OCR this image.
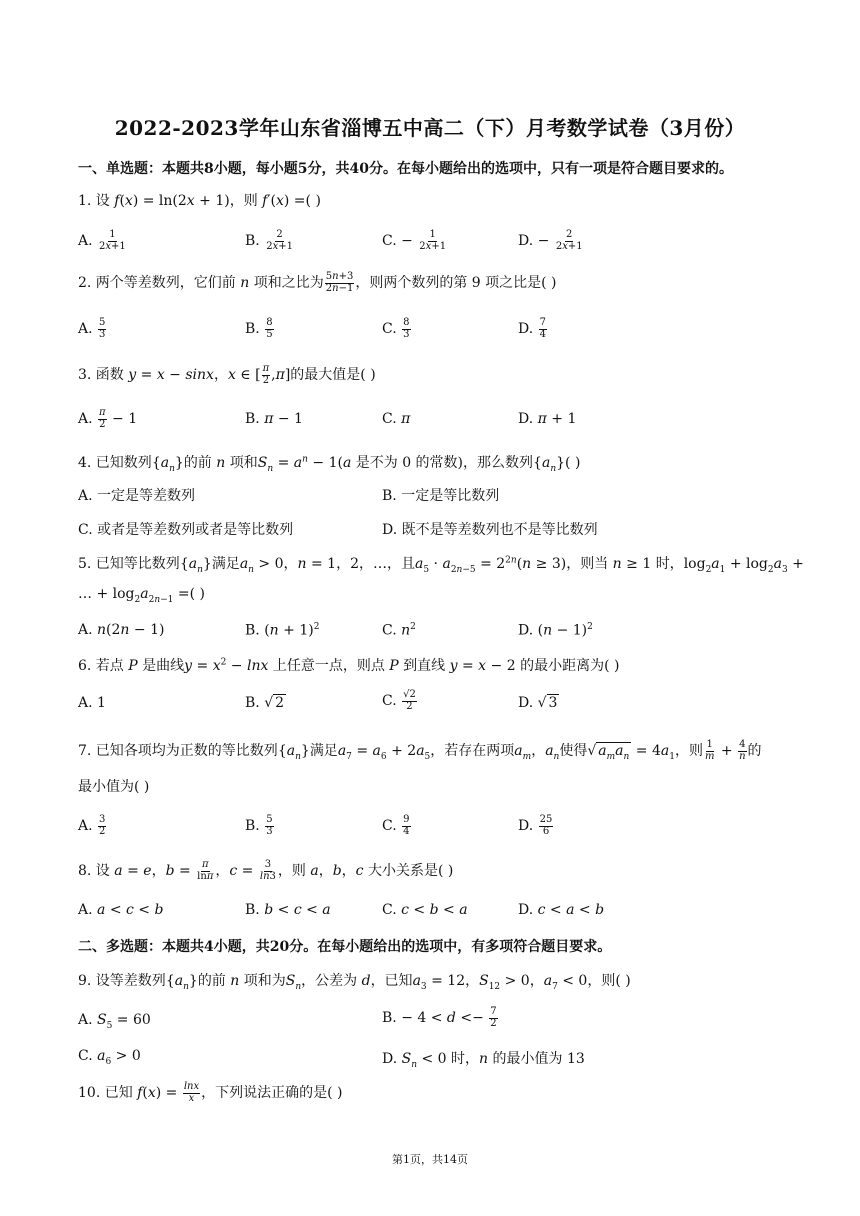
2022-2023学年山东省淄博五中高二（下）月考数学试卷（3月份）
一、单选题：本题共8小题，每小题5分，共40分。在每小题给出的选项中，只有一项是符合题目要求的。
1. 设 f(x) = ln(2x + 1)，则 f′(x) =( )
A. $\frac{1}{2x+1}$	B. $\frac{2}{2x+1}$	C. − $\frac{1}{2x+1}$	D. − $\frac{2}{2x+1}$
2. 两个等差数列，它们前 n 项和之比为 $\frac{5n+3}{2n-1}$ ，则两个数列的第 9 项之比是( )
A. $\frac{5}{3}$	B. $\frac{8}{5}$	C. $\frac{8}{3}$	D. $\frac{7}{4}$
3. 函数 y = x − sinx，x ∈ [ $\frac{\pi}{2} ,\pi$]的最大值是( )
A. $\frac{\pi}{2} - 1$	B. π − 1	C. π	D. π + 1
4. 已知数列$\{a_n\}$的前 n 项和$S_n = a^n - 1(a$ 是不为 0 的常数)，那么数列$\{a_n\}$( )
A. 一定是等差数列	B. 一定是等比数列
C. 或者是等差数列或者是等比数列	D. 既不是等差数列也不是等比数列
5. 已知等比数列$\{a_n\}$满足$a_n > 0$，n = 1，2，…，且$a_5 \cdot a_{2n-5} = 2^{2n}(n \ge 3)$，则当 n ≥ 1 时，$\log_2a_1 + \log_2a_3$ +
… + $\log_2a_{2n-1}$ =( )
A. n(2n − 1)	B. $(n + 1)^2$	C. $n^2$	D. $(n - 1)^2$
6. 若点 P 是曲线$y = x^2 - \ln x$ 上任意一点，则点 P 到直线 y = x − 2 的最小距离为( )
A. 1	B. √ 2	C. $\frac{√2}{2}$	D. √ 3
7. 已知各项均为正数的等比数列$\{a_n\}$满足$a_7 = a_6 + 2a_5$，若存在两项$a_m$，$a_n$使得√ $a_ma_n = 4a_1$，则 $\frac{1}{m} + \frac{4}{n}$ 的
最小值为( )
A. $\frac{3}{2}$	B. $\frac{5}{3}$	C. $\frac{9}{4}$	D. $\frac{25}{6}$
8. 设 a = e，$b = \frac{\pi}{\ln\pi}$ ，$c = \frac{3}{\ln 3}$ ，则 a，b，c 大小关系是( )
A. a < c < b	B. b < c < a	C. c < b < a	D. c < a < b
二、多选题：本题共4小题，共20分。在每小题给出的选项中，有多项符合题目要求。
9. 设等差数列$\{a_n\}$的前 n 项和为$S_n$，公差为 d，已知$a_3 = 12$，$S_{12} > 0$，$a_7 < 0$，则( )
A. $S_5 = 60$	B. − $4 < d <- \frac{7}{2}$
C. $a_6 > 0$	D. $S_n < 0$ 时，n 的最小值为 13
10. 已知 $f(x) = \frac{\ln x}{x}$ ，下列说法正确的是( )
第1页，共14页
